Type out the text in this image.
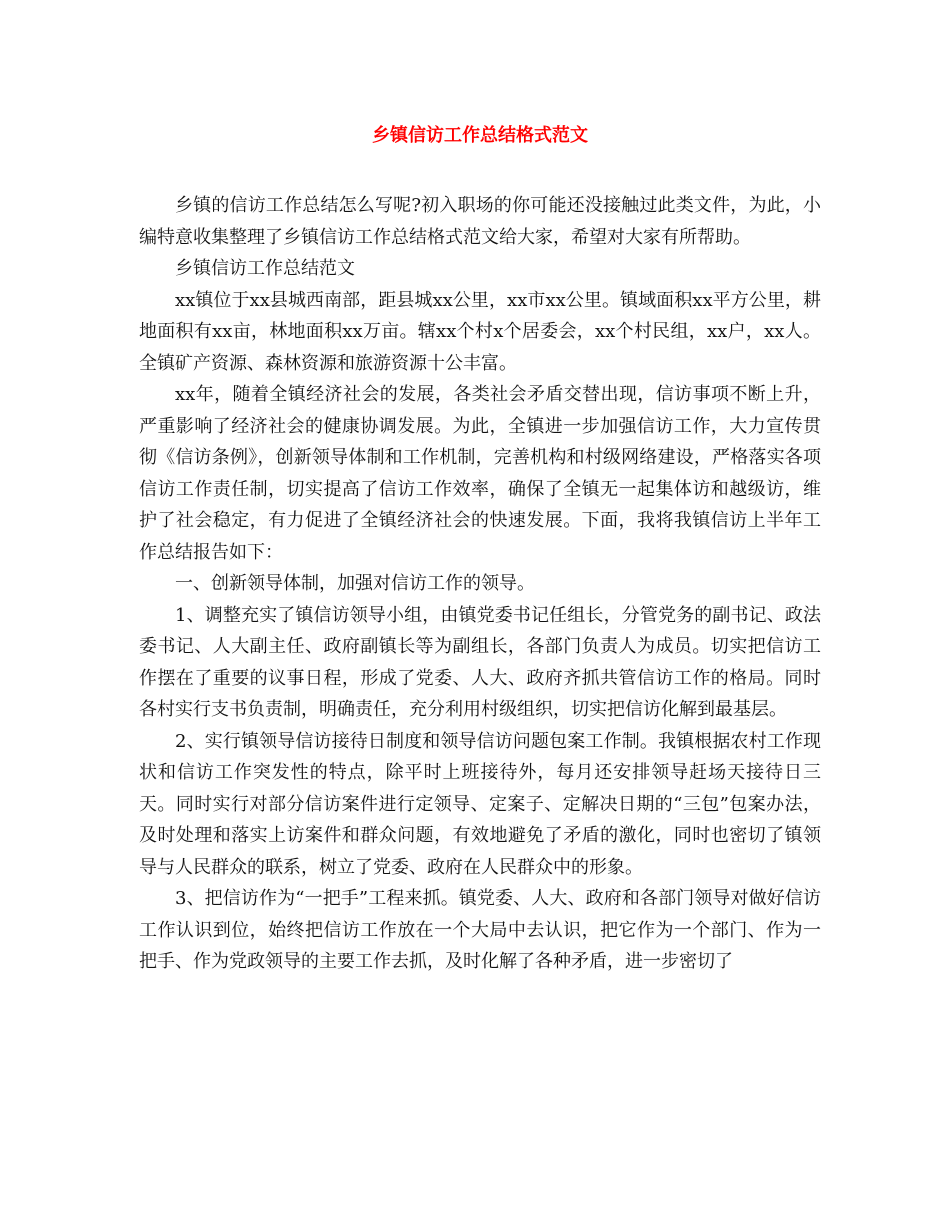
乡镇信访工作总结格式范文

乡镇的信访工作总结怎么写呢?初入职场的你可能还没接触过此类文件，为此，小编特意收集整理了乡镇信访工作总结格式范文给大家，希望对大家有所帮助。

乡镇信访工作总结范文

xx镇位于xx县城西南部，距县城xx公里，xx市xx公里。镇域面积xx平方公里，耕地面积有xx亩，林地面积xx万亩。辖xx个村x个居委会，xx个村民组，xx户，xx人。全镇矿产资源、森林资源和旅游资源十公丰富。

xx年，随着全镇经济社会的发展，各类社会矛盾交替出现，信访事项不断上升，严重影响了经济社会的健康协调发展。为此，全镇进一步加强信访工作，大力宣传贯彻《信访条例》，创新领导体制和工作机制，完善机构和村级网络建设，严格落实各项信访工作责任制，切实提高了信访工作效率，确保了全镇无一起集体访和越级访，维护了社会稳定，有力促进了全镇经济社会的快速发展。下面，我将我镇信访上半年工作总结报告如下：

一、创新领导体制，加强对信访工作的领导。

1、调整充实了镇信访领导小组，由镇党委书记任组长，分管党务的副书记、政法委书记、人大副主任、政府副镇长等为副组长，各部门负责人为成员。切实把信访工作摆在了重要的议事日程，形成了党委、人大、政府齐抓共管信访工作的格局。同时各村实行支书负责制，明确责任，充分利用村级组织，切实把信访化解到最基层。

2、实行镇领导信访接待日制度和领导信访问题包案工作制。我镇根据农村工作现状和信访工作突发性的特点，除平时上班接待外，每月还安排领导赶场天接待日三天。同时实行对部分信访案件进行定领导、定案子、定解决日期的“三包”包案办法，及时处理和落实上访案件和群众问题，有效地避免了矛盾的激化，同时也密切了镇领导与人民群众的联系，树立了党委、政府在人民群众中的形象。

3、把信访作为“一把手”工程来抓。镇党委、人大、政府和各部门领导对做好信访工作认识到位，始终把信访工作放在一个大局中去认识，把它作为一个部门、作为一把手、作为党政领导的主要工作去抓，及时化解了各种矛盾，进一步密切了
